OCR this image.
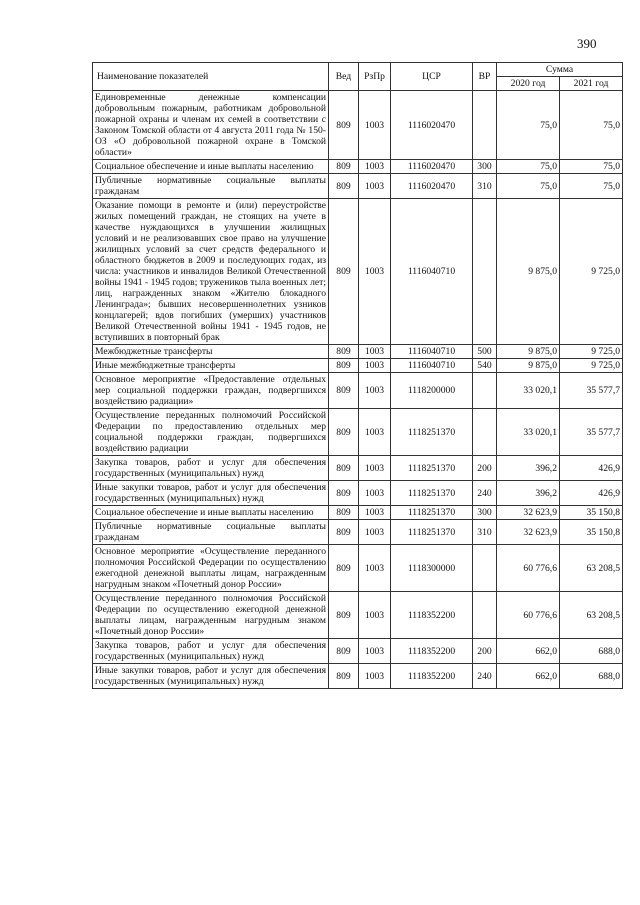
390
Наименование показателей	Вед	РзПр	ЦСР	ВР	Сумма	
					2020 год	2021 год
Единовременные денежные компенсации добровольным пожарным, работникам добровольной пожарной охраны и членам их семей в соответствии с Законом Томской области от 4 августа 2011 года № 150-ОЗ «О добровольной пожарной охране в Томской области»	809	1003	1116020470		75,0	75,0
Социальное обеспечение и иные выплаты населению	809	1003	1116020470	300	75,0	75,0
Публичные нормативные социальные выплаты гражданам	809	1003	1116020470	310	75,0	75,0
Оказание помощи в ремонте и (или) переустройстве жилых помещений граждан, не стоящих на учете в качестве нуждающихся в улучшении жилищных условий и не реализовавших свое право на улучшение жилищных условий за счет средств федерального и областного бюджетов в 2009 и последующих годах, из числа: участников и инвалидов Великой Отечественной войны 1941 - 1945 годов; тружеников тыла военных лет; лиц, награжденных знаком «Жителю блокадного Ленинграда»; бывших несовершеннолетних узников концлагерей; вдов погибших (умерших) участников Великой Отечественной войны 1941 - 1945 годов, не вступивших в повторный брак	809	1003	1116040710		9 875,0	9 725,0
Межбюджетные трансферты	809	1003	1116040710	500	9 875,0	9 725,0
Иные межбюджетные трансферты	809	1003	1116040710	540	9 875,0	9 725,0
Основное мероприятие «Предоставление отдельных мер социальной поддержки граждан, подвергшихся воздействию радиации»	809	1003	1118200000		33 020,1	35 577,7
Осуществление переданных полномочий Российской Федерации по предоставлению отдельных мер социальной поддержки граждан, подвергшихся воздействию радиации	809	1003	1118251370		33 020,1	35 577,7
Закупка товаров, работ и услуг для обеспечения государственных (муниципальных) нужд	809	1003	1118251370	200	396,2	426,9
Иные закупки товаров, работ и услуг для обеспечения государственных (муниципальных) нужд	809	1003	1118251370	240	396,2	426,9
Социальное обеспечение и иные выплаты населению	809	1003	1118251370	300	32 623,9	35 150,8
Публичные нормативные социальные выплаты гражданам	809	1003	1118251370	310	32 623,9	35 150,8
Основное мероприятие «Осуществление переданного полномочия Российской Федерации по осуществлению ежегодной денежной выплаты лицам, награжденным нагрудным знаком «Почетный донор России»	809	1003	1118300000		60 776,6	63 208,5
Осуществление переданного полномочия Российской Федерации по осуществлению ежегодной денежной выплаты лицам, награжденным нагрудным знаком «Почетный донор России»	809	1003	1118352200		60 776,6	63 208,5
Закупка товаров, работ и услуг для обеспечения государственных (муниципальных) нужд	809	1003	1118352200	200	662,0	688,0
Иные закупки товаров, работ и услуг для обеспечения государственных (муниципальных) нужд	809	1003	1118352200	240	662,0	688,0
